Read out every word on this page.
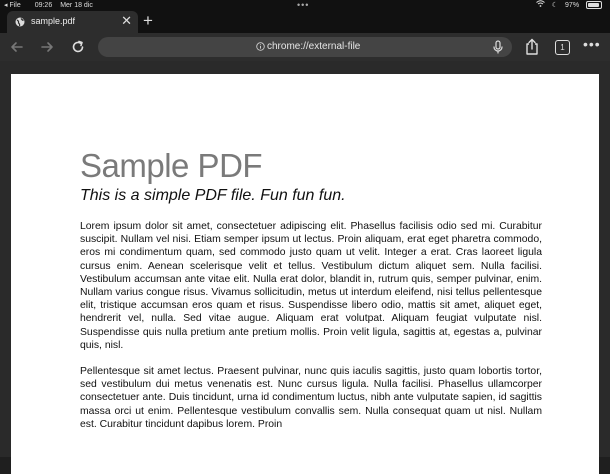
◂ File 09:26 Mer 18 dic	•••	☾ 97%
sample.pdf	✕ +
chrome://external-file	1	•••
Sample PDF
This is a simple PDF file. Fun fun fun.

Lorem ipsum dolor sit amet, consectetuer adipiscing elit. Phasellus facilisis odio sed mi. Curabitur suscipit. Nullam vel nisi. Etiam semper ipsum ut lectus. Proin aliquam, erat eget pharetra commodo, eros mi condimentum quam, sed commodo justo quam ut velit. Integer a erat. Cras laoreet ligula cursus enim. Aenean scelerisque velit et tellus. Vestibulum dictum aliquet sem. Nulla facilisi. Vestibulum accumsan ante vitae elit. Nulla erat dolor, blandit in, rutrum quis, semper pulvinar, enim. Nullam varius congue risus. Vivamus sollicitudin, metus ut interdum eleifend, nisi tellus pellentesque elit, tristique accumsan eros quam et risus. Suspendisse libero odio, mattis sit amet, aliquet eget, hendrerit vel, nulla. Sed vitae augue. Aliquam erat volutpat. Aliquam feugiat vulputate nisl. Suspendisse quis nulla pretium ante pretium mollis. Proin velit ligula, sagittis at, egestas a, pulvinar quis, nisl.

Pellentesque sit amet lectus. Praesent pulvinar, nunc quis iaculis sagittis, justo quam lobortis tortor, sed vestibulum dui metus venenatis est. Nunc cursus ligula. Nulla facilisi. Phasellus ullamcorper consectetuer ante. Duis tincidunt, urna id condimentum luctus, nibh ante vulputate sapien, id sagittis massa orci ut enim. Pellentesque vestibulum convallis sem. Nulla consequat quam ut nisl. Nullam est. Curabitur tincidunt dapibus lorem. Proin
